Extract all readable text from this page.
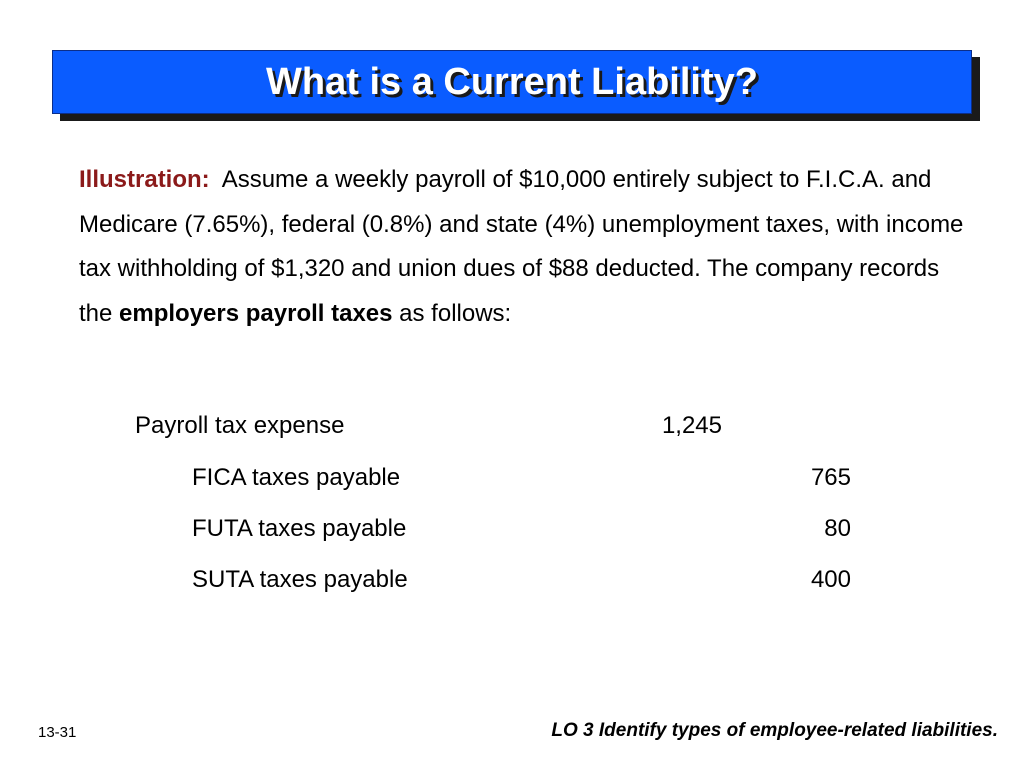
What is a Current Liability?
Illustration: Assume a weekly payroll of $10,000 entirely subject to F.I.C.A. and Medicare (7.65%), federal (0.8%) and state (4%) unemployment taxes, with income tax withholding of $1,320 and union dues of $88 deducted. The company records the employers payroll taxes as follows:
Payroll tax expense	1,245
FICA taxes payable	765
FUTA taxes payable	80
SUTA taxes payable	400
13-31	LO 3 Identify types of employee-related liabilities.
